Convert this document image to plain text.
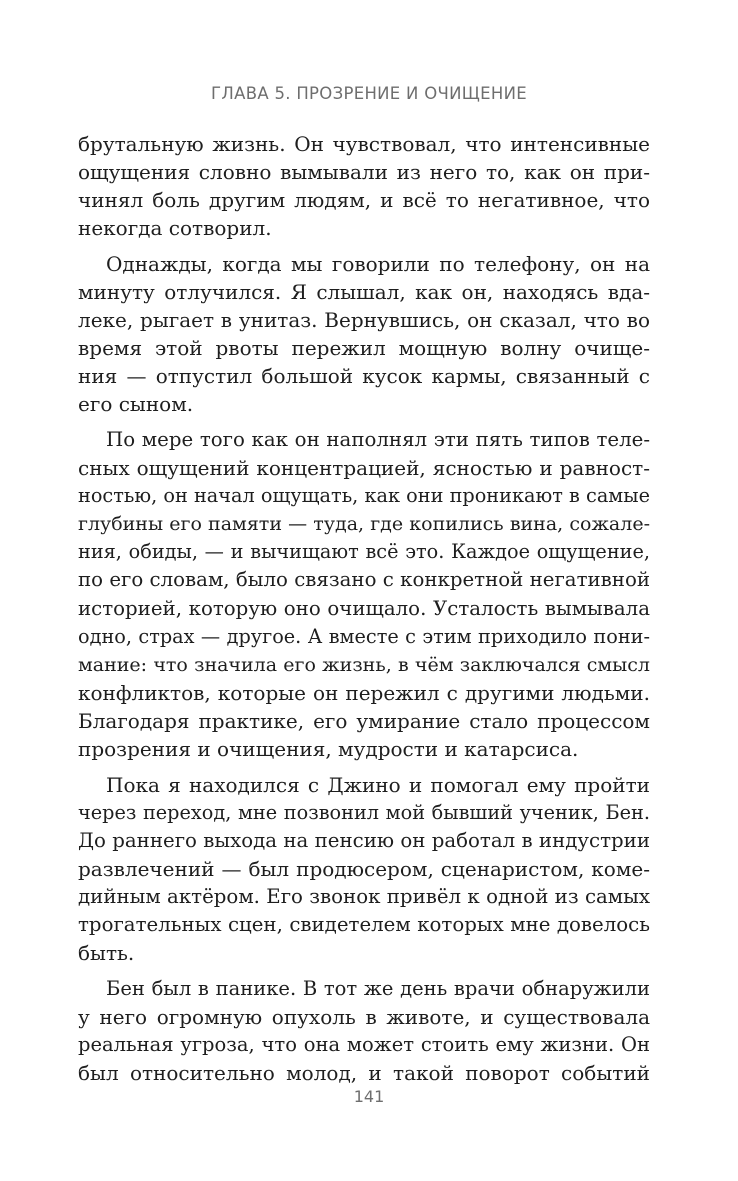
ГЛАВА 5. ПРОЗРЕНИЕ И ОЧИЩЕНИЕ
брутальную жизнь. Он чувствовал, что интенсивные
ощущения словно вымывали из него то, как он при-
чинял боль другим людям, и всё то негативное, что
некогда сотворил.
Однажды, когда мы говорили по телефону, он на
минуту отлучился. Я слышал, как он, находясь вда-
леке, рыгает в унитаз. Вернувшись, он сказал, что во
время этой рвоты пережил мощную волну очище-
ния — отпустил большой кусок кармы, связанный с
его сыном.
По мере того как он наполнял эти пять типов теле-
сных ощущений концентрацией, ясностью и равност-
ностью, он начал ощущать, как они проникают в самые
глубины его памяти — туда, где копились вина, сожале-
ния, обиды, — и вычищают всё это. Каждое ощущение,
по его словам, было связано с конкретной негативной
историей, которую оно очищало. Усталость вымывала
одно, страх — другое. А вместе с этим приходило пони-
мание: что значила его жизнь, в чём заключался смысл
конфликтов, которые он пережил с другими людьми.
Благодаря практике, его умирание стало процессом
прозрения и очищения, мудрости и катарсиса.
Пока я находился с Джино и помогал ему пройти
через переход, мне позвонил мой бывший ученик, Бен.
До раннего выхода на пенсию он работал в индустрии
развлечений — был продюсером, сценаристом, коме-
дийным актёром. Его звонок привёл к одной из самых
трогательных сцен, свидетелем которых мне довелось
быть.
Бен был в панике. В тот же день врачи обнаружили
у него огромную опухоль в животе, и существовала
реальная угроза, что она может стоить ему жизни. Он
был относительно молод, и такой поворот событий
141
